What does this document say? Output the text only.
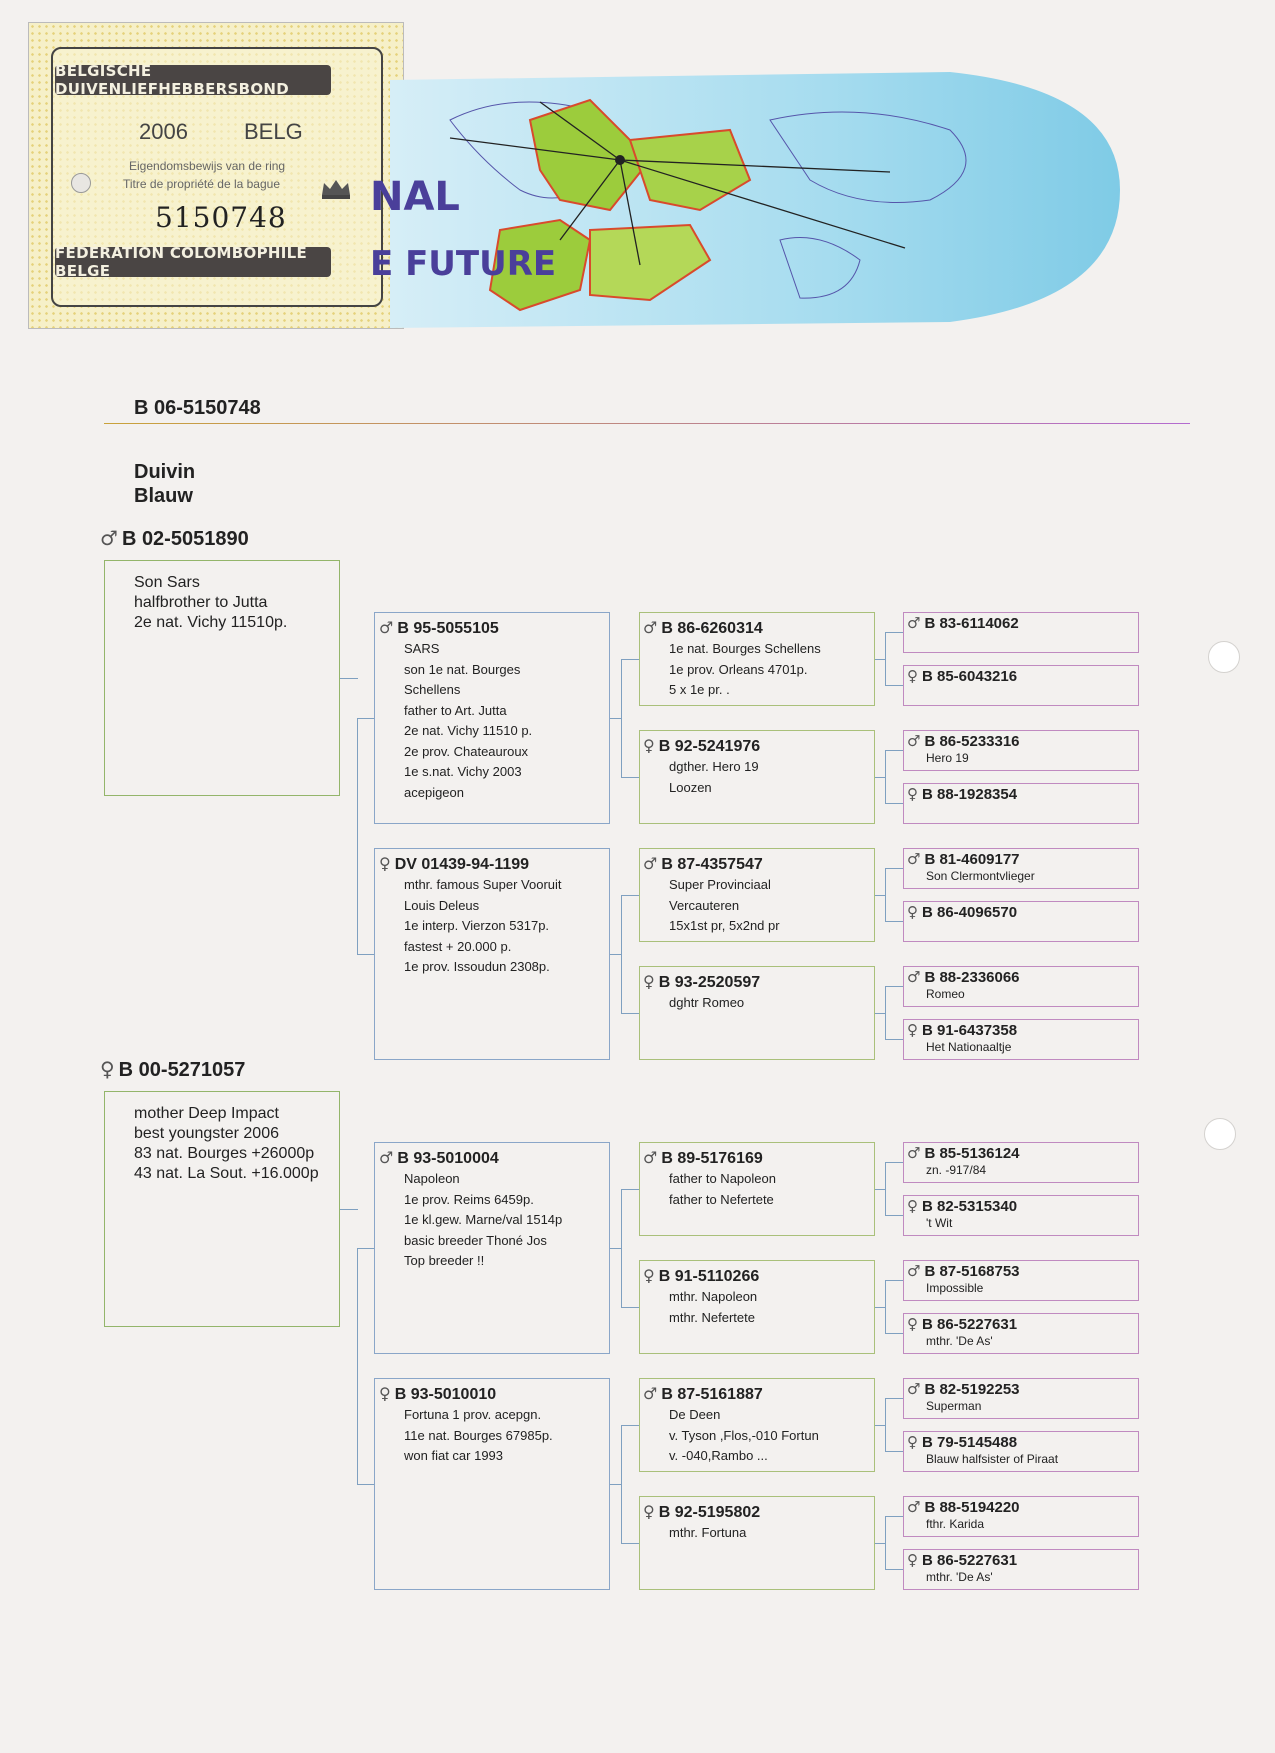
BELGISCHE DUIVENLIEFHEBBERSBOND
2006	BELG
Eigendomsbewijs van de ring
Titre de propriété de la bague
5150748
FÉDÉRATION COLOMBOPHILE BELGE
NAL
E FUTURE
B 06-5150748
Duivin
Blauw
♂ B 02-5051890
Son Sars
halfbrother to Jutta
2e nat. Vichy 11510p.
♀ B 00-5271057
mother Deep Impact
best youngster 2006
83 nat. Bourges +26000p
43 nat. La Sout. +16.000p
♂ B 95-5055105
SARS
son 1e nat. Bourges
Schellens
father to Art. Jutta
2e nat. Vichy 11510 p.
2e prov. Chateauroux
1e s.nat. Vichy 2003
acepigeon
♀ DV 01439-94-1199
mthr. famous Super Vooruit
Louis Deleus
1e interp. Vierzon 5317p.
fastest + 20.000 p.
1e prov. Issoudun 2308p.
♂ B 93-5010004
Napoleon
1e prov. Reims 6459p.
1e kl.gew. Marne/val 1514p
basic breeder Thoné Jos
Top breeder !!
♀ B 93-5010010
Fortuna 1 prov. acepgn.
11e nat. Bourges 67985p.
won fiat car 1993
♂ B 86-6260314
1e nat. Bourges Schellens
1e prov. Orleans 4701p.
5 x 1e pr. .
♀ B 92-5241976
dgther. Hero 19
Loozen
♂ B 87-4357547
Super Provinciaal
Vercauteren
15x1st pr, 5x2nd pr
♀ B 93-2520597
dghtr Romeo
♂ B 89-5176169
father to Napoleon
father to Nefertete
♀ B 91-5110266
mthr. Napoleon
mthr. Nefertete
♂ B 87-5161887
De Deen
v. Tyson ,Flos,-010 Fortun
v. -040,Rambo ...
♀ B 92-5195802
mthr. Fortuna
♂ B 83-6114062
♀ B 85-6043216
♂ B 86-5233316
Hero 19
♀ B 88-1928354
♂ B 81-4609177
Son Clermontvlieger
♀ B 86-4096570
♂ B 88-2336066
Romeo
♀ B 91-6437358
Het Nationaaltje
♂ B 85-5136124
zn. -917/84
♀ B 82-5315340
't Wit
♂ B 87-5168753
Impossible
♀ B 86-5227631
mthr. 'De As'
♂ B 82-5192253
Superman
♀ B 79-5145488
Blauw halfsister of Piraat
♂ B 88-5194220
fthr. Karida
♀ B 86-5227631
mthr. 'De As'
